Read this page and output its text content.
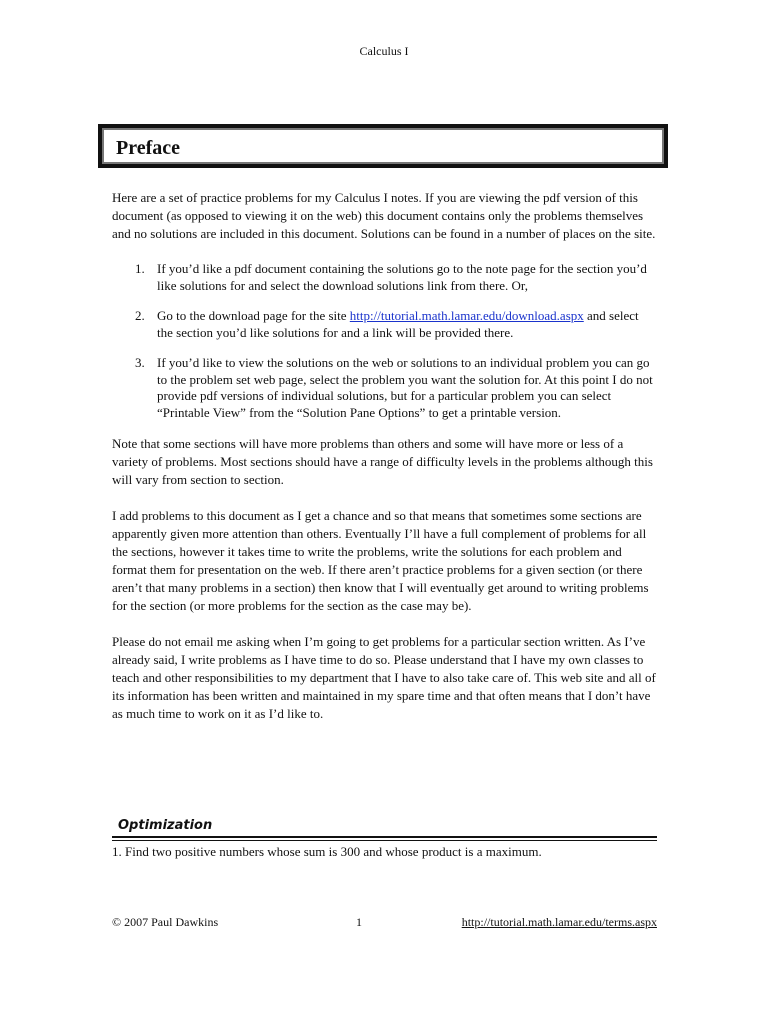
Calculus I
Preface

Here are a set of practice problems for my Calculus I notes. If you are viewing the pdf version of this document (as opposed to viewing it on the web) this document contains only the problems themselves and no solutions are included in this document. Solutions can be found in a number of places on the site.

1. If you’d like a pdf document containing the solutions go to the note page for the section you’d like solutions for and select the download solutions link from there. Or,
2. Go to the download page for the site http://tutorial.math.lamar.edu/download.aspx and select the section you’d like solutions for and a link will be provided there.
3. If you’d like to view the solutions on the web or solutions to an individual problem you can go to the problem set web page, select the problem you want the solution for. At this point I do not provide pdf versions of individual solutions, but for a particular problem you can select “Printable View” from the “Solution Pane Options” to get a printable version.

Note that some sections will have more problems than others and some will have more or less of a variety of problems. Most sections should have a range of difficulty levels in the problems although this will vary from section to section.

I add problems to this document as I get a chance and so that means that sometimes some sections are apparently given more attention than others. Eventually I’ll have a full complement of problems for all the sections, however it takes time to write the problems, write the solutions for each problem and format them for presentation on the web. If there aren’t practice problems for a given section (or there aren’t that many problems in a section) then know that I will eventually get around to writing problems for the section (or more problems for the section as the case may be).

Please do not email me asking when I’m going to get problems for a particular section written. As I’ve already said, I write problems as I have time to do so. Please understand that I have my own classes to teach and other responsibilities to my department that I have to also take care of. This web site and all of its information has been written and maintained in my spare time and that often means that I don’t have as much time to work on it as I’d like to.

Optimization
1. Find two positive numbers whose sum is 300 and whose product is a maximum.
© 2007 Paul Dawkins	1	http://tutorial.math.lamar.edu/terms.aspx
